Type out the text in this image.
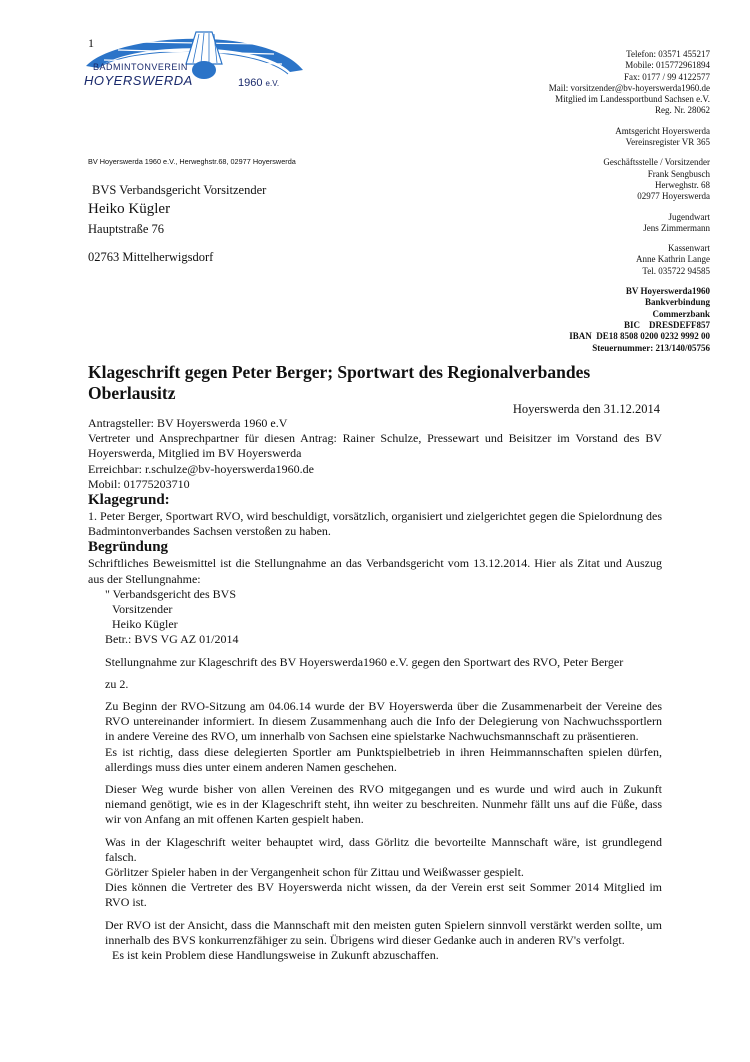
1
BADMINTONVEREIN
HOYERSWERDA	1960 e.V.
Telefon: 03571 455217
Mobile: 015772961894
Fax: 0177 / 99 4122577
Mail: vorsitzender@bv-hoyerswerda1960.de
Mitglied im Landessportbund Sachsen e.V.
Reg. Nr. 28062
Amtsgericht Hoyerswerda
Vereinsregister VR 365
Geschäftsstelle / Vorsitzender
Frank Sengbusch
Herweghstr. 68
02977 Hoyerswerda
Jugendwart
Jens Zimmermann
Kassenwart
Anne Kathrin Lange
Tel. 035722 94585
BV Hoyerswerda1960
Bankverbindung
Commerzbank
BIC    DRESDEFF857
IBAN  DE18 8508 0200 0232 9992 00
Steuernummer: 213/140/05756
BV Hoyerswerda 1960 e.V., Herweghstr.68, 02977 Hoyerswerda
BVS Verbandsgericht Vorsitzender
Heiko Kügler
Hauptstraße 76
02763 Mittelherwigsdorf
Klageschrift gegen Peter Berger; Sportwart des Regionalverbandes Oberlausitz
Hoyerswerda den 31.12.2014

Antragsteller: BV Hoyerswerda 1960 e.V

Vertreter und Ansprechpartner für diesen Antrag: Rainer Schulze, Pressewart und Beisitzer im Vorstand des BV Hoyerswerda, Mitglied im BV Hoyerswerda

Erreichbar: r.schulze@bv-hoyerswerda1960.de

Mobil: 01775203710

Klagegrund:

1. Peter Berger, Sportwart RVO, wird beschuldigt, vorsätzlich, organisiert und zielgerichtet gegen die Spielordnung des Badmintonverbandes Sachsen verstoßen zu haben.

Begründung

Schriftliches Beweismittel ist die Stellungnahme an das Verbandsgericht vom 13.12.2014. Hier als Zitat und Auszug aus der Stellungnahme:

" Verbandsgericht des BVS

Vorsitzender

Heiko Kügler

Betr.: BVS VG AZ 01/2014

Stellungnahme zur Klageschrift des BV Hoyerswerda1960 e.V. gegen den Sportwart des RVO, Peter Berger

zu 2.

Zu Beginn der RVO-Sitzung am 04.06.14 wurde der BV Hoyerswerda über die Zusammenarbeit der Vereine des RVO untereinander informiert. In diesem Zusammenhang auch die Info der Delegierung von Nachwuchssportlern in andere Vereine des RVO, um innerhalb von Sachsen eine spielstarke Nachwuchsmannschaft zu präsentieren.

Es ist richtig, dass diese delegierten Sportler am Punktspielbetrieb in ihren Heimmannschaften spielen dürfen, allerdings muss dies unter einem anderen Namen geschehen.

Dieser Weg wurde bisher von allen Vereinen des RVO mitgegangen und es wurde und wird auch in Zukunft niemand genötigt, wie es in der Klageschrift steht, ihn weiter zu beschreiten. Nunmehr fällt uns auf die Füße, dass wir von Anfang an mit offenen Karten gespielt haben.

Was in der Klageschrift weiter behauptet wird, dass Görlitz die bevorteilte Mannschaft wäre, ist grundlegend falsch.

Görlitzer Spieler haben in der Vergangenheit schon für Zittau und Weißwasser gespielt.

Dies können die Vertreter des BV Hoyerswerda nicht wissen, da der Verein erst seit Sommer 2014 Mitglied im RVO ist.

Der RVO ist der Ansicht, dass die Mannschaft mit den meisten guten Spielern sinnvoll verstärkt werden sollte, um innerhalb des BVS konkurrenzfähiger zu sein. Übrigens wird dieser Gedanke auch in anderen RV's verfolgt.

Es ist kein Problem diese Handlungsweise in Zukunft abzuschaffen.
